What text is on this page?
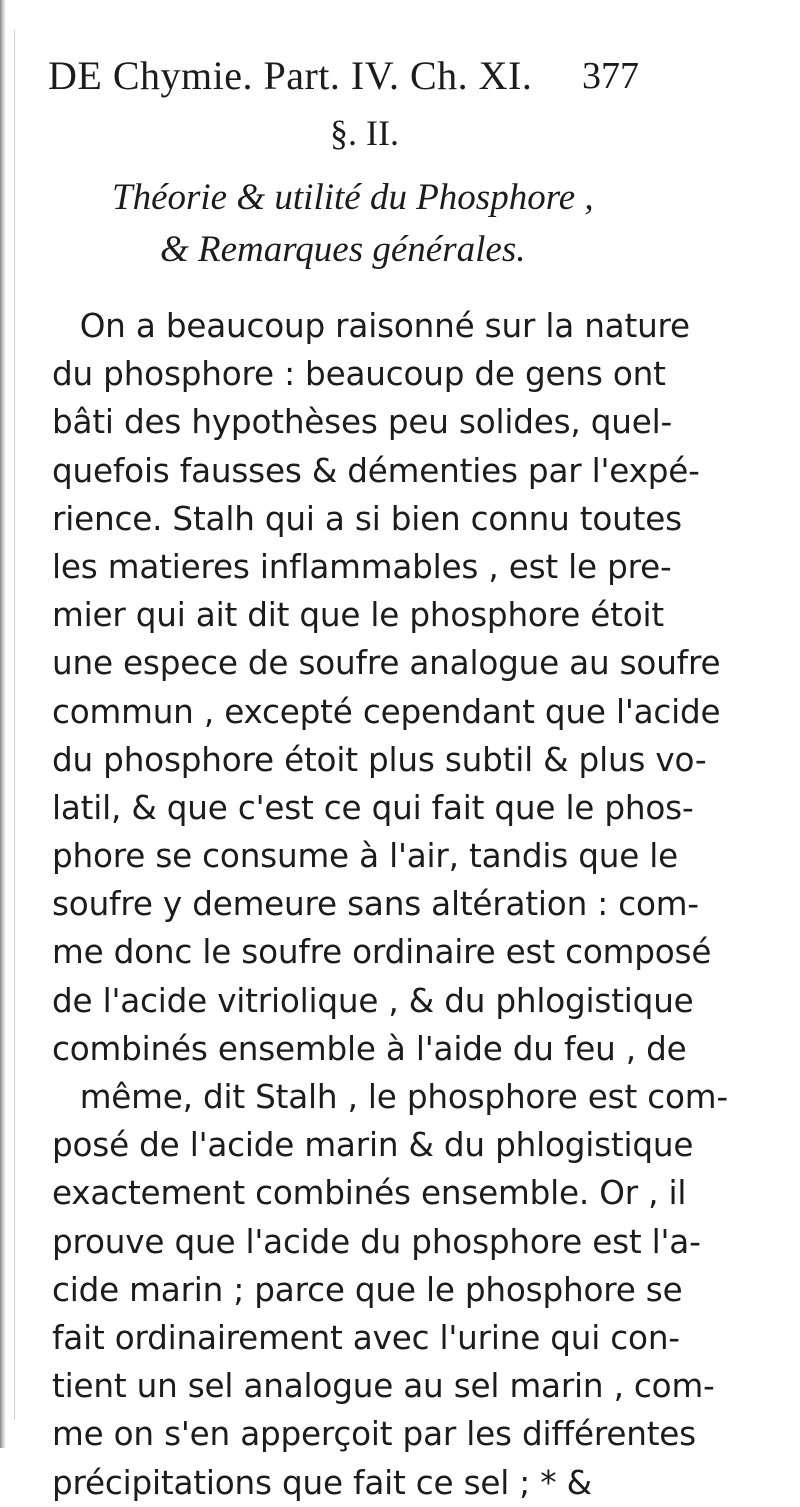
DE Chymie. Part. IV. Ch. XI. 377
§. II.
Théorie & utilité du Phosphore ,
& Remarques générales.
On a beaucoup raisonné sur la nature
du phosphore : beaucoup de gens ont
bâti des hypothèses peu solides, quel-
quefois fausses & démenties par l'expé-
rience. Stalh qui a si bien connu toutes
les matieres inflammables , est le pre-
mier qui ait dit que le phosphore étoit
une espece de soufre analogue au soufre
commun , excepté cependant que l'acide
du phosphore étoit plus subtil & plus vo-
latil, & que c'est ce qui fait que le phos-
phore se consume à l'air, tandis que le
soufre y demeure sans altération : com-
me donc le soufre ordinaire est composé
de l'acide vitriolique , & du phlogistique
combinés ensemble à l'aide du feu , de
même, dit Stalh , le phosphore est com-
posé de l'acide marin & du phlogistique
exactement combinés ensemble. Or , il
prouve que l'acide du phosphore est l'a-
cide marin ; parce que le phosphore se
fait ordinairement avec l'urine qui con-
tient un sel analogue au sel marin , com-
me on s'en apperçoit par les différentes
précipitations que fait ce sel ; * &
